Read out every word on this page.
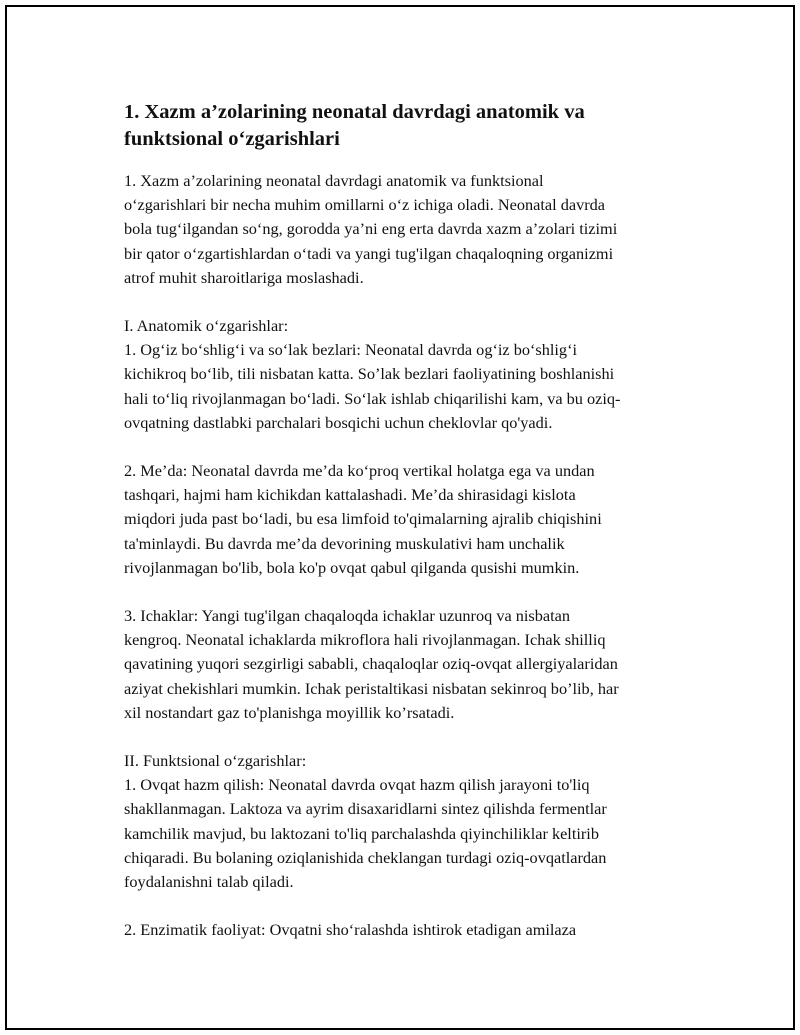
1. Xazm a’zolarining neonatal davrdagi anatomik va
funktsional o‘zgarishlari

1. Xazm a’zolarining neonatal davrdagi anatomik va funktsional
o‘zgarishlari bir necha muhim omillarni o‘z ichiga oladi. Neonatal davrda
bola tug‘ilgandan so‘ng, gorodda ya’ni eng erta davrda xazm a’zolari tizimi
bir qator o‘zgartishlardan o‘tadi va yangi tug'ilgan chaqaloqning organizmi
atrof muhit sharoitlariga moslashadi.

I. Anatomik o‘zgarishlar:
1. Og‘iz bo‘shlig‘i va so‘lak bezlari: Neonatal davrda og‘iz bo‘shlig‘i
kichikroq bo‘lib, tili nisbatan katta. So’lak bezlari faoliyatining boshlanishi
hali to‘liq rivojlanmagan bo‘ladi. So‘lak ishlab chiqarilishi kam, va bu oziq-
ovqatning dastlabki parchalari bosqichi uchun cheklovlar qo'yadi.

2. Me’da: Neonatal davrda me’da ko‘proq vertikal holatga ega va undan
tashqari, hajmi ham kichikdan kattalashadi. Me’da shirasidagi kislota
miqdori juda past bo‘ladi, bu esa limfoid to'qimalarning ajralib chiqishini
ta'minlaydi. Bu davrda me’da devorining muskulativi ham unchalik
rivojlanmagan bo'lib, bola ko'p ovqat qabul qilganda qusishi mumkin.

3. Ichaklar: Yangi tug'ilgan chaqaloqda ichaklar uzunroq va nisbatan
kengroq. Neonatal ichaklarda mikroflora hali rivojlanmagan. Ichak shilliq
qavatining yuqori sezgirligi sababli, chaqaloqlar oziq-ovqat allergiyalaridan
aziyat chekishlari mumkin. Ichak peristaltikasi nisbatan sekinroq bo’lib, har
xil nostandart gaz to'planishga moyillik ko’rsatadi.

II. Funktsional o‘zgarishlar:
1. Ovqat hazm qilish: Neonatal davrda ovqat hazm qilish jarayoni to'liq
shakllanmagan. Laktoza va ayrim disaxaridlarni sintez qilishda fermentlar
kamchilik mavjud, bu laktozani to'liq parchalashda qiyinchiliklar keltirib
chiqaradi. Bu bolaning oziqlanishida cheklangan turdagi oziq-ovqatlardan
foydalanishni talab qiladi.

2. Enzimatik faoliyat: Ovqatni sho‘ralashda ishtirok etadigan amilaza
